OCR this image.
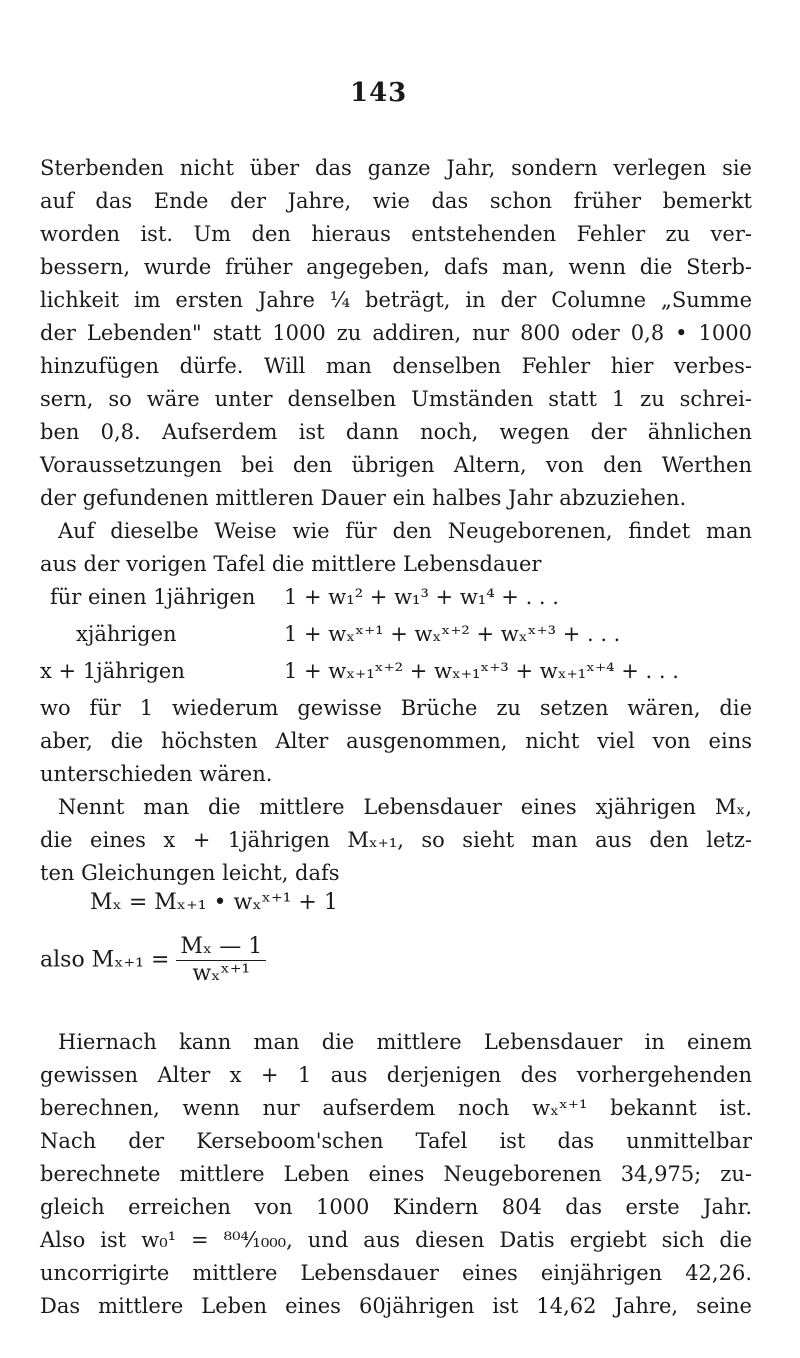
143
Sterbenden nicht über das ganze Jahr, sondern verlegen sie
auf das Ende der Jahre, wie das schon früher bemerkt
worden ist. Um den hieraus entstehenden Fehler zu ver-
bessern, wurde früher angegeben, dafs man, wenn die Sterb-
lichkeit im ersten Jahre ¼ beträgt, in der Columne „Summe
der Lebenden" statt 1000 zu addiren, nur 800 oder 0,8 • 1000
hinzufügen dürfe. Will man denselben Fehler hier verbes-
sern, so wäre unter denselben Umständen statt 1 zu schrei-
ben 0,8. Aufserdem ist dann noch, wegen der ähnlichen
Voraussetzungen bei den übrigen Altern, von den Werthen
der gefundenen mittleren Dauer ein halbes Jahr abzuziehen.
Auf dieselbe Weise wie für den Neugeborenen, findet man
aus der vorigen Tafel die mittlere Lebensdauer
für einen 1jährigen 1 + w₁² + w₁³ + w₁⁴ + . . .
xjährigen	1 + wₓˣ⁺¹ + wₓˣ⁺² + wₓˣ⁺³ + . . .
x + 1jährigen	1 + wₓ₊₁ˣ⁺² + wₓ₊₁ˣ⁺³ + wₓ₊₁ˣ⁺⁴ + . . .
wo für 1 wiederum gewisse Brüche zu setzen wären, die
aber, die höchsten Alter ausgenommen, nicht viel von eins
unterschieden wären.
Nennt man die mittlere Lebensdauer eines xjährigen Mₓ,
die eines x + 1jährigen Mₓ₊₁, so sieht man aus den letz-
ten Gleichungen leicht, dafs
Mₓ = Mₓ₊₁ • wₓˣ⁺¹ + 1
also $M_{x+1} = \frac{\text{Mₓ — 1}}{\text{wₓˣ⁺¹}}$
Hiernach kann man die mittlere Lebensdauer in einem
gewissen Alter x + 1 aus derjenigen des vorhergehenden
berechnen, wenn nur aufserdem noch wₓˣ⁺¹ bekannt ist.
Nach der Kerseboom'schen Tafel ist das unmittelbar
berechnete mittlere Leben eines Neugeborenen 34,975; zu-
gleich erreichen von 1000 Kindern 804 das erste Jahr.
Also ist w₀¹ = ⁸⁰⁴⁄₁₀₀₀, und aus diesen Datis ergiebt sich die
uncorrigirte mittlere Lebensdauer eines einjährigen 42,26.
Das mittlere Leben eines 60jährigen ist 14,62 Jahre, seine
